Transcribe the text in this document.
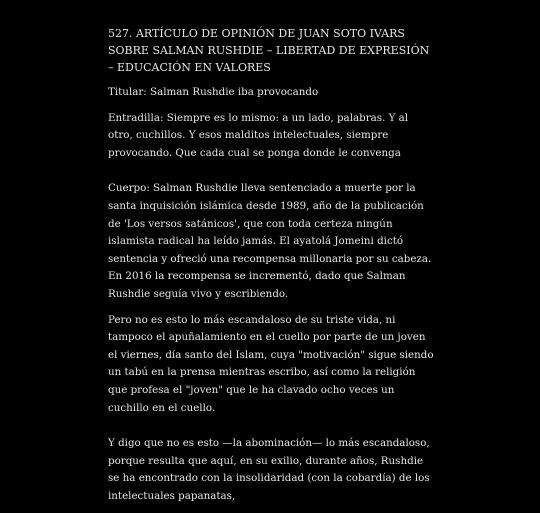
527. ARTÍCULO DE OPINIÓN DE JUAN SOTO IVARS SOBRE SALMAN RUSHDIE – LIBERTAD DE EXPRESIÓN – EDUCACIÓN EN VALORES
Titular: Salman Rushdie iba provocando
Entradilla: Siempre es lo mismo: a un lado, palabras. Y al otro, cuchillos. Y esos malditos intelectuales, siempre provocando. Que cada cual se ponga donde le convenga
Cuerpo: Salman Rushdie lleva sentenciado a muerte por la santa inquisición islámica desde 1989, año de la publicación de 'Los versos satánicos', que con toda certeza ningún islamista radical ha leído jamás. El ayatolá Jomeini dictó sentencia y ofreció una recompensa millonaria por su cabeza. En 2016 la recompensa se incrementó, dado que Salman Rushdie seguía vivo y escribiendo.
Pero no es esto lo más escandaloso de su triste vida, ni tampoco el apuñalamiento en el cuello por parte de un joven el viernes, día santo del Islam, cuya "motivación" sigue siendo un tabú en la prensa mientras escribo, así como la religión que profesa el "joven" que le ha clavado ocho veces un cuchillo en el cuello.
Y digo que no es esto —la abominación— lo más escandaloso, porque resulta que aquí, en su exilio, durante años, Rushdie se ha encontrado con la insolidaridad (con la cobardía) de los intelectuales papanatas,
